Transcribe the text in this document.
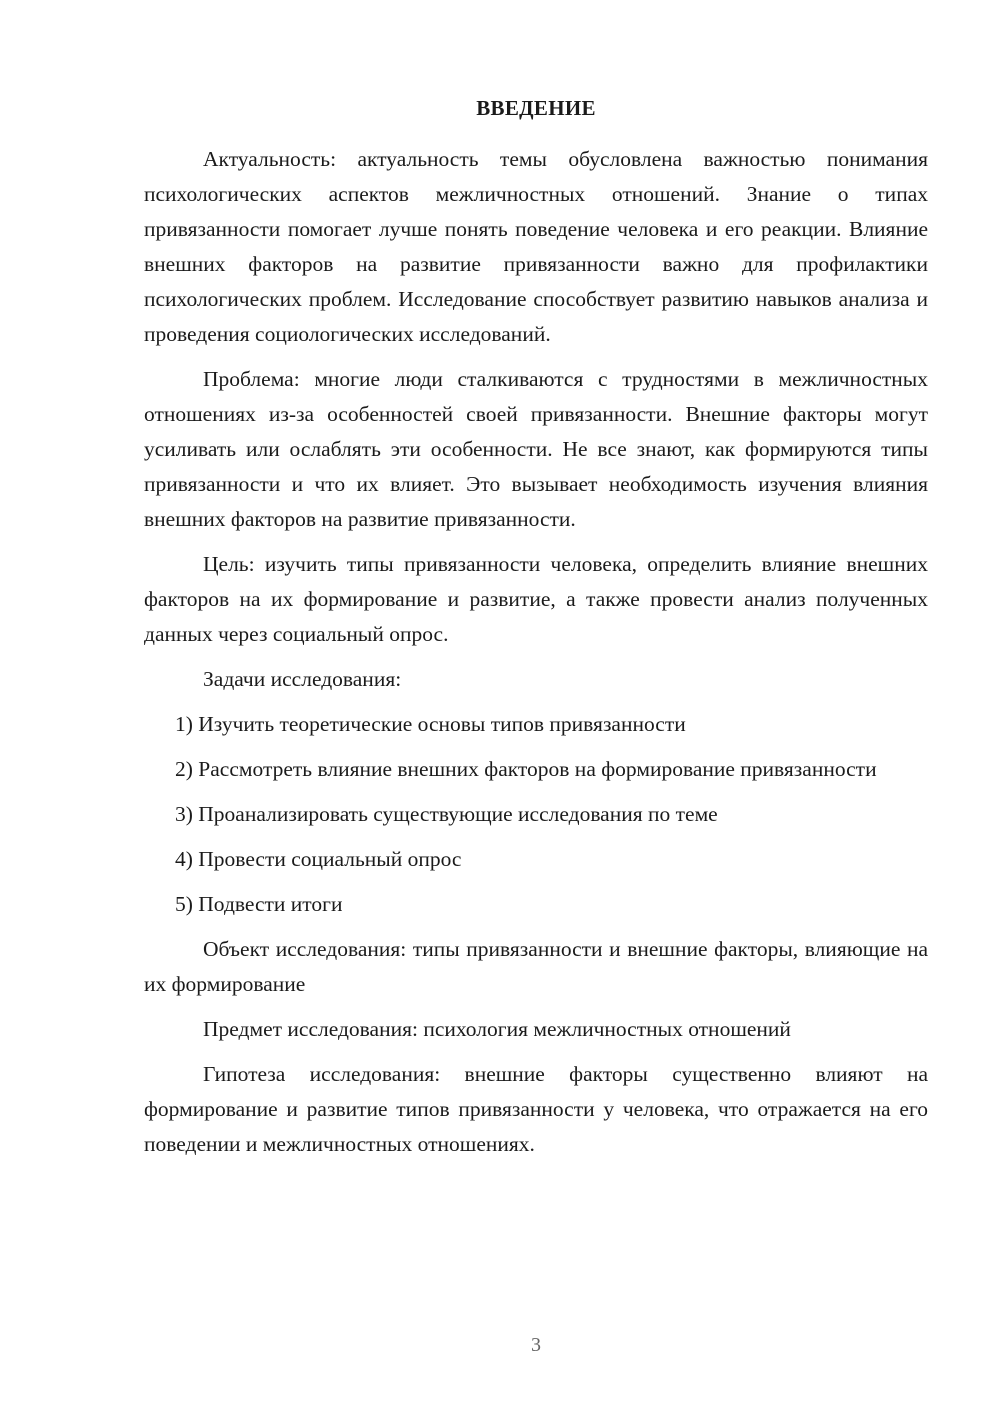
ВВЕДЕНИЕ

Актуальность: актуальность темы обусловлена важностью понимания психологических аспектов межличностных отношений. Знание о типах привязанности помогает лучше понять поведение человека и его реакции. Влияние внешних факторов на развитие привязанности важно для профилактики психологических проблем. Исследование способствует развитию навыков анализа и проведения социологических исследований.

Проблема: многие люди сталкиваются с трудностями в межличностных отношениях из-за особенностей своей привязанности. Внешние факторы могут усиливать или ослаблять эти особенности. Не все знают, как формируются типы привязанности и что их влияет. Это вызывает необходимость изучения влияния внешних факторов на развитие привязанности.

Цель: изучить типы привязанности человека, определить влияние внешних факторов на их формирование и развитие, а также провести анализ полученных данных через социальный опрос.

Задачи исследования:

1) Изучить теоретические основы типов привязанности

2) Рассмотреть влияние внешних факторов на формирование привязанности

3) Проанализировать существующие исследования по теме

4) Провести социальный опрос

5) Подвести итоги

Объект исследования: типы привязанности и внешние факторы, влияющие на их формирование

Предмет исследования: психология межличностных отношений

Гипотеза исследования: внешние факторы существенно влияют на формирование и развитие типов привязанности у человека, что отражается на его поведении и межличностных отношениях.

3
